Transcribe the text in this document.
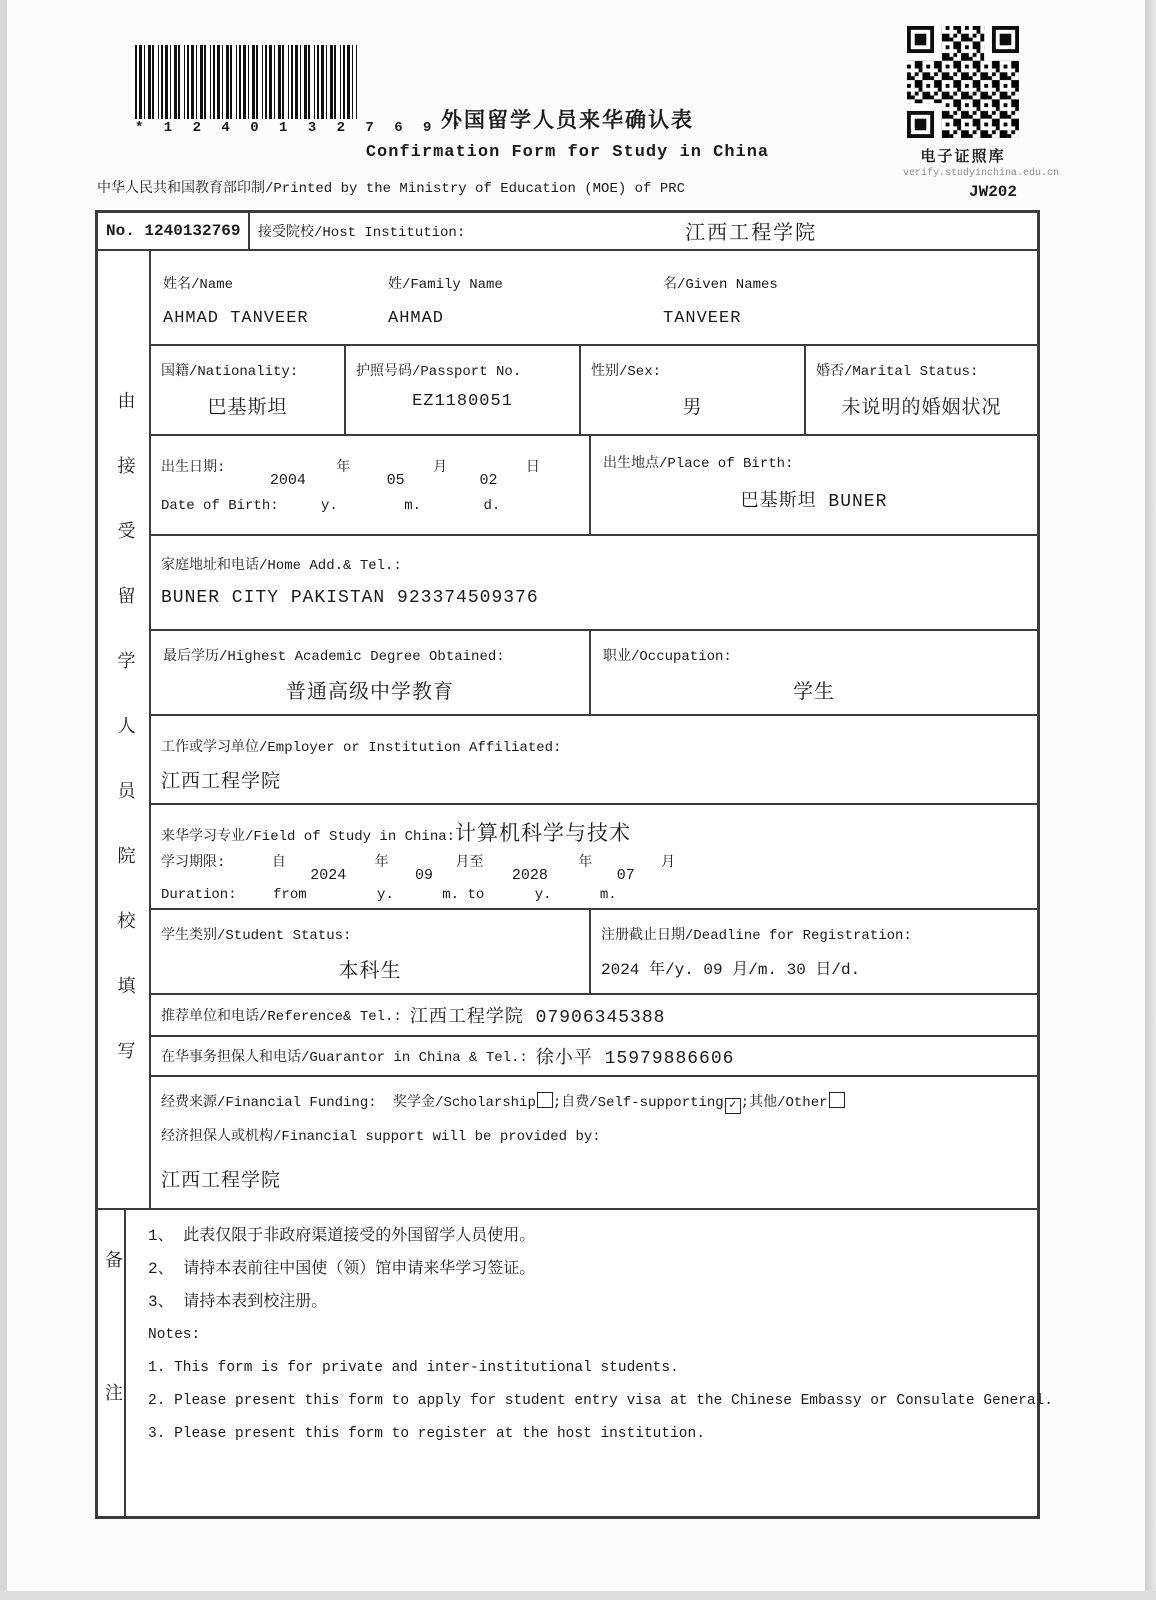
* 1 2 4 0 1 3 2 7 6 9 *
外国留学人员来华确认表
Confirmation Form for Study in China
中华人民共和国教育部印制/Printed by the Ministry of Education (MOE) of PRC
电子证照库
verify.studyinchina.edu.cn
JW202
No. 1240132769	接受院校/Host Institution:	江西工程学院
由接受留学人员院校填写
姓名/Name
AHMAD TANVEER
姓/Family Name
AHMAD
名/Given Names
TANVEER
国籍/Nationality:
巴基斯坦
护照号码/Passport No.
EZ1180051
性别/Sex:
男
婚否/Marital Status:
未说明的婚姻状况
出生日期: 2004 年 05 月 02 日
Date of Birth:	y.	m.	d.
出生地点/Place of Birth:
巴基斯坦 BUNER
家庭地址和电话/Home Add.& Tel.:
BUNER CITY PAKISTAN 923374509376
最后学历/Highest Academic Degree Obtained:
普通高级中学教育
职业/Occupation:
学生
工作或学习单位/Employer or Institution Affiliated:
江西工程学院
来华学习专业/Field of Study in China:计算机科学与技术
学习期限:	自 2024 年 09 月至 2028 年 07 月
Duration:	from	y.	m. to	y.	m.
学生类别/Student Status:
本科生
注册截止日期/Deadline for Registration:
2024 年/y. 09 月/m. 30 日/d.
推荐单位和电话/Reference& Tel.: 江西工程学院 07906345388
在华事务担保人和电话/Guarantor in China & Tel.: 徐小平 15979886606
经费来源/Financial Funding: 奖学金/Scholarship ;自费/Self-supporting ✓ ;其他/Other
经济担保人或机构/Financial support will be provided by:
江西工程学院
备注
1、 此表仅限于非政府渠道接受的外国留学人员使用。
2、 请持本表前往中国使（领）馆申请来华学习签证。
3、 请持本表到校注册。
Notes:
1. This form is for private and inter-institutional students.
2. Please present this form to apply for student entry visa at the Chinese Embassy or Consulate General.
3. Please present this form to register at the host institution.
